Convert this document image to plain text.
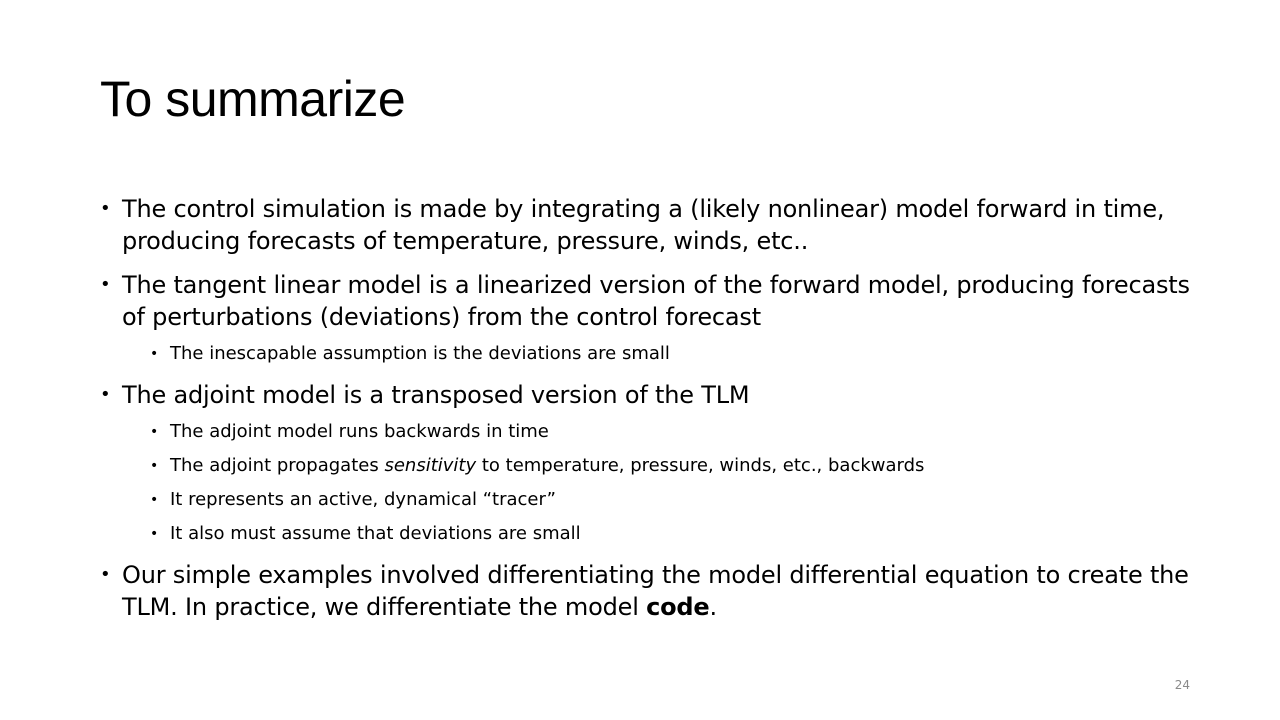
To summarize
• The control simulation is made by integrating a (likely nonlinear) model forward in time, producing forecasts of temperature, pressure, winds, etc..
• The tangent linear model is a linearized version of the forward model, producing forecasts of perturbations (deviations) from the control forecast
• The inescapable assumption is the deviations are small
• The adjoint model is a transposed version of the TLM
• The adjoint model runs backwards in time
• The adjoint propagates sensitivity to temperature, pressure, winds, etc., backwards
• It represents an active, dynamical “tracer”
• It also must assume that deviations are small
• Our simple examples involved differentiating the model differential equation to create the TLM. In practice, we differentiate the model code.
24
